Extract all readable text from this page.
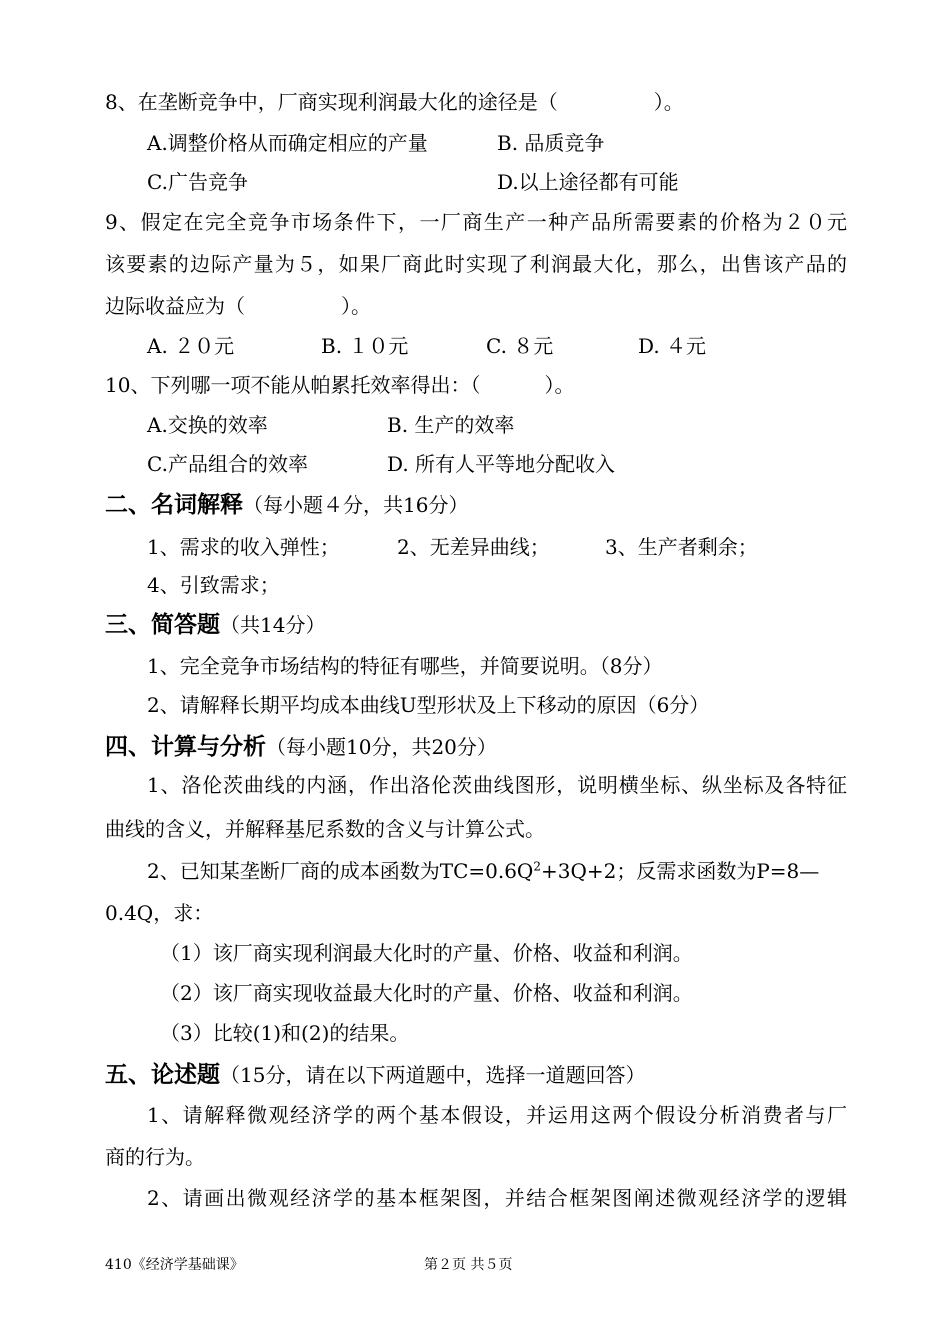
8、在垄断竞争中，厂商实现利润最大化的途径是（	）。
A.调整价格从而确定相应的产量	B. 品质竞争
C.广告竞争	D.以上途径都有可能
9、假定在完全竞争市场条件下，一厂商生产一种产品所需要素的价格为２０元
该要素的边际产量为５，如果厂商此时实现了利润最大化，那么，出售该产品的
边际收益应为（	）。
A. ２０元	B. １０元	C. ８元	D. ４元
10、下列哪一项不能从帕累托效率得出：（	）。
A.交换的效率	B. 生产的效率
C.产品组合的效率	D. 所有人平等地分配收入
二、名词解释（每小题４分，共16分）
1、需求的收入弹性；	2、无差异曲线；	3、生产者剩余；
4、引致需求；
三、简答题（共14分）
1、完全竞争市场结构的特征有哪些，并简要说明。（8分）
2、请解释长期平均成本曲线U型形状及上下移动的原因（6分）
四、计算与分析（每小题10分，共20分）
1、洛伦茨曲线的内涵，作出洛伦茨曲线图形，说明横坐标、纵坐标及各特征
曲线的含义，并解释基尼系数的含义与计算公式。
2、已知某垄断厂商的成本函数为$TC=0.6Q^2+3Q+2$；反需求函数为P=8—
0.4Q，求：
（1）该厂商实现利润最大化时的产量、价格、收益和利润。
（2）该厂商实现收益最大化时的产量、价格、收益和利润。
（3）比较(1)和(2)的结果。
五、论述题（15分，请在以下两道题中，选择一道题回答）
1、请解释微观经济学的两个基本假设，并运用这两个假设分析消费者与厂
商的行为。
2、请画出微观经济学的基本框架图，并结合框架图阐述微观经济学的逻辑
410《经济学基础课》	第２页 共５页
